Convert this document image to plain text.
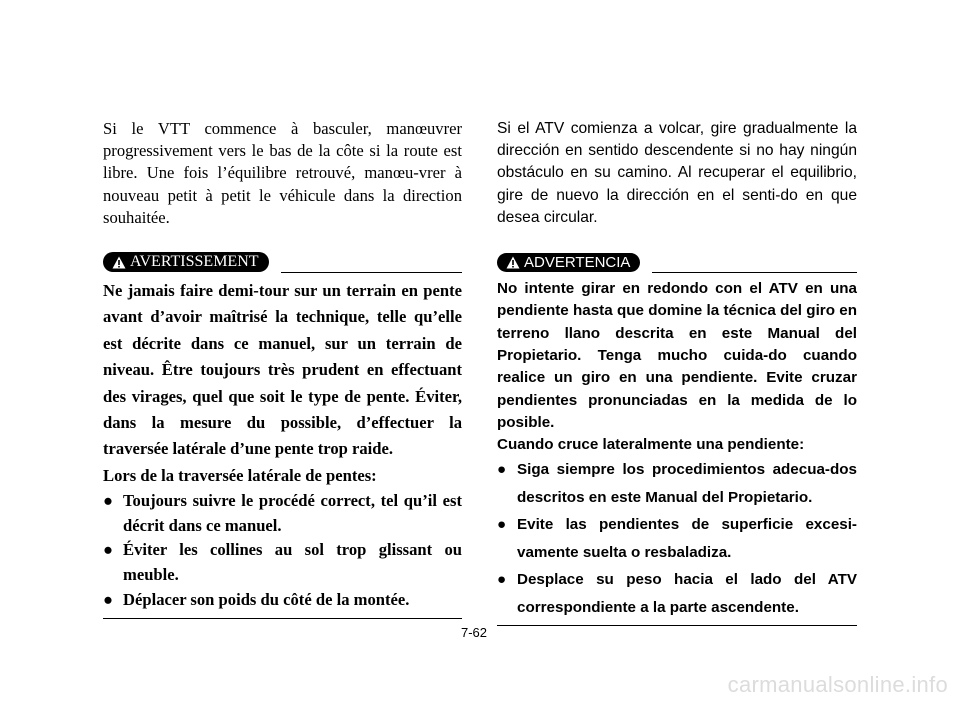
Si le VTT commence à basculer, manœuvrer progressivement vers le bas de la côte si la route est libre. Une fois l’équilibre retrouvé, manœu-vrer à nouveau petit à petit le véhicule dans la direction souhaitée.

AVERTISSEMENT

Ne jamais faire demi-tour sur un terrain en pente avant d’avoir maîtrisé la technique, telle qu’elle est décrite dans ce manuel, sur un terrain de niveau. Être toujours très prudent en effectuant des virages, quel que soit le type de pente. Éviter, dans la mesure du possible, d’effectuer la traversée latérale d’une pente trop raide.

Lors de la traversée latérale de pentes:

● Toujours suivre le procédé correct, tel qu’il est décrit dans ce manuel.
● Éviter les collines au sol trop glissant ou meuble.
● Déplacer son poids du côté de la montée.

Si el ATV comienza a volcar, gire gradualmente la dirección en sentido descendente si no hay ningún obstáculo en su camino. Al recuperar el equilibrio, gire de nuevo la dirección en el senti-do en que desea circular.

ADVERTENCIA

No intente girar en redondo con el ATV en una pendiente hasta que domine la técnica del giro en terreno llano descrita en este Manual del Propietario. Tenga mucho cuida-do cuando realice un giro en una pendiente. Evite cruzar pendientes pronunciadas en la medida de lo posible.

Cuando cruce lateralmente una pendiente:

● Siga siempre los procedimientos adecua-dos descritos en este Manual del Propietario.
● Evite las pendientes de superficie excesi-vamente suelta o resbaladiza.
● Desplace su peso hacia el lado del ATV correspondiente a la parte ascendente.
7-62
carmanualsonline.info
